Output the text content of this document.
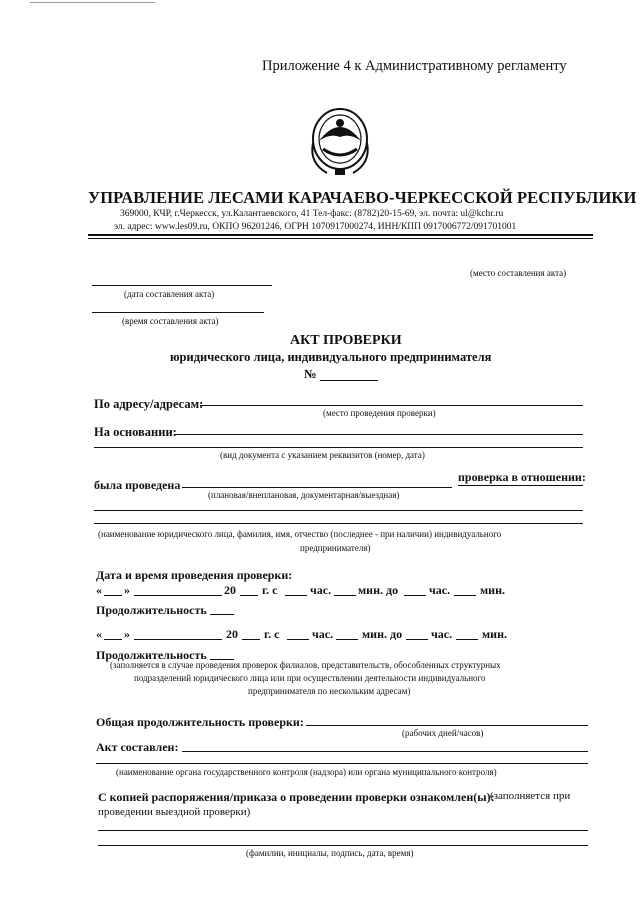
Приложение 4 к Административному регламенту
УПРАВЛЕНИЕ ЛЕСАМИ КАРАЧАЕВО-ЧЕРКЕССКОЙ РЕСПУБЛИКИ
369000, КЧР, г.Черкесск, ул.Калантаевского, 41 Тел-факс: (8782)20-15-69, эл. почта: ul@kchr.ru
эл. адрес: www.les09.ru, ОКПО 96201246, ОГРН 1070917000274, ИНН/КПП 0917006772/091701001
(место составления акта)
(дата составления акта)
(время составления акта)
АКТ ПРОВЕРКИ
юридического лица, индивидуального предпринимателя
№
По адресу/адресам:
(место проведения проверки)
На основании:
(вид документа с указанием реквизитов (номер, дата)
была проведена
проверка в отношении:
(плановая/внеплановая, документарная/выездная)
(наименование юридического лица, фамилия, имя, отчество (последнее - при наличии) индивидуального
предпринимателя)
Дата и время проведения проверки:
« »	20 г. с	час. мин. до	час. мин.
Продолжительность
« »	20 г. с	час. мин. до час. мин.
Продолжительность
(заполняется в случае проведения проверок филиалов, представительств, обособленных структурных
подразделений юридического лица или при осуществлении деятельности индивидуального
предпринимателя по нескольким адресам)
Общая продолжительность проверки:
(рабочих дней/часов)
Акт составлен:
(наименование органа государственного контроля (надзора) или органа муниципального контроля)
С копией распоряжения/приказа о проведении проверки ознакомлен(ы):
(заполняется при
проведении выездной проверки)
(фамилии, инициалы, подпись, дата, время)
